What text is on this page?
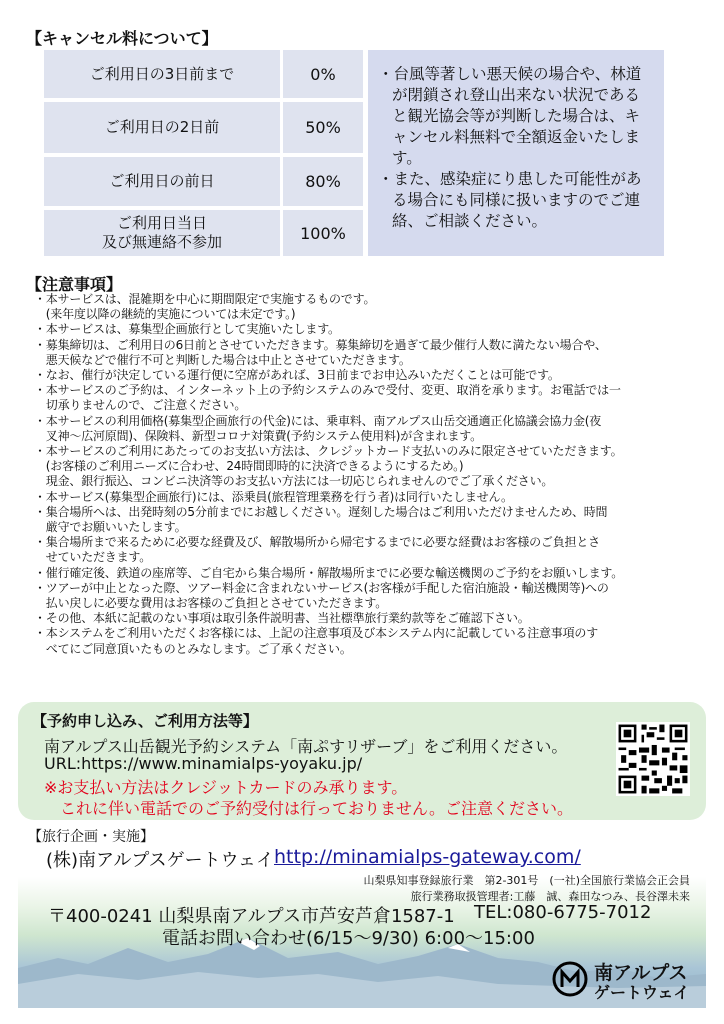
【キャンセル料について】
ご利用日の3日前まで	0%
ご利用日の2日前	50%
ご利用日の前日	80%
ご利用日当日
及び無連絡不参加	100%

・台風等著しい悪天候の場合や、林道が閉鎖され登山出来ない状況であると観光協会等が判断した場合は、キャンセル料無料で全額返金いたします。

・また、感染症にり患した可能性がある場合にも同様に扱いますのでご連絡、ご相談ください。

【注意事項】
・本サービスは、混雑期を中心に期間限定で実施するものです。
　(来年度以降の継続的実施については未定です。)
・本サービスは、募集型企画旅行として実施いたします。
・募集締切は、ご利用日の6日前とさせていただきます。募集締切を過ぎて最少催行人数に満たない場合や、
　悪天候などで催行不可と判断した場合は中止とさせていただきます。
・なお、催行が決定している運行便に空席があれば、3日前までお申込みいただくことは可能です。
・本サービスのご予約は、インターネット上の予約システムのみで受付、変更、取消を承ります。お電話では一
　切承りませんので、ご注意ください。
・本サービスの利用価格(募集型企画旅行の代金)には、乗車料、南アルプス山岳交通適正化協議会協力金(夜
　叉神～広河原間)、保険料、新型コロナ対策費(予約システム使用料)が含まれます。
・本サービスのご利用にあたってのお支払い方法は、クレジットカード支払いのみに限定させていただきます。
　(お客様のご利用ニーズに合わせ、24時間即時的に決済できるようにするため。)
　現金、銀行振込、コンビニ決済等のお支払い方法には一切応じられませんのでご了承ください。
・本サービス(募集型企画旅行)には、添乗員(旅程管理業務を行う者)は同行いたしません。
・集合場所へは、出発時刻の5分前までにお越しください。遅刻した場合はご利用いただけませんため、時間
　厳守でお願いいたします。
・集合場所まで来るために必要な経費及び、解散場所から帰宅するまでに必要な経費はお客様のご負担とさ
　せていただきます。
・催行確定後、鉄道の座席等、ご自宅から集合場所・解散場所までに必要な輸送機関のご予約をお願いします。
・ツアーが中止となった際、ツアー料金に含まれないサービス(お客様が手配した宿泊施設・輸送機関等)への
　払い戻しに必要な費用はお客様のご負担とさせていただきます。
・その他、本紙に記載のない事項は取引条件説明書、当社標準旅行業約款等をご確認下さい。
・本システムをご利用いただくお客様には、上記の注意事項及び本システム内に記載している注意事項のす
　べてにご同意頂いたものとみなします。ご了承ください。
【予約申し込み、ご利用方法等】
南アルプス山岳観光予約システム「南ぷすリザーブ」をご利用ください。
URL:https://www.minamialps-yoyaku.jp/
※お支払い方法はクレジットカードのみ承ります。
　これに伴い電話でのご予約受付は行っておりません。ご注意ください。
【旅行企画・実施】
(株)南アルプスゲートウェイ http://minamialps-gateway.com/
山梨県知事登録旅行業　第2-301号　(一社)全国旅行業協会正会員
旅行業務取扱管理者:工藤　誠、森田なつみ、長谷澤未来
〒400-0241 山梨県南アルプス市芦安芦倉1587-1 TEL:080-6775-7012
電話お問い合わせ(6/15～9/30) 6:00～15:00
南アルプス
ゲートウェイ
